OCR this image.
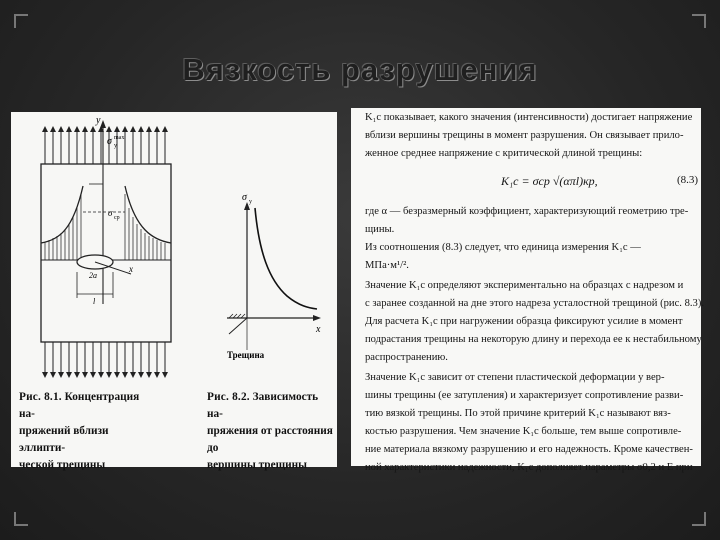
Вязкость разрушения
y
σ max
y
σ ср
2a
x
l
σ y
x
Трещина
Рис. 8.1. Концентрация на-
пряжений вблизи эллипти-
ческой трещины
Рис. 8.2. Зависимость на-
пряжения от расстояния до
вершины трещины
K₁c показывает, какого значения (интенсивности) достигает напряжение
вблизи вершины трещины в момент разрушения. Он связывает прило-
женное среднее напряжение с критической длиной трещины:
K₁c = σср √(απl)кр,	(8.3)
где α — безразмерный коэффициент, характеризующий геометрию тре-
щины.
Из соотношения (8.3) следует, что единица измерения K₁c —
МПа·м¹/².
Значение K₁c определяют экспериментально на образцах с надрезом и
с заранее созданной на дне этого надреза усталостной трещиной (рис. 8.3).
Для расчета K₁c при нагружении образца фиксируют усилие в момент
подрастания трещины на некоторую длину и перехода ее к нестабильному
распространению.
Значение K₁c зависит от степени пластической деформации у вер-
шины трещины (ее затупления) и характеризует сопротивление разви-
тию вязкой трещины. По этой причине критерий K₁c называют вяз-
костью разрушения. Чем значение K₁c больше, тем выше сопротивле-
ние материала вязкому разрушению и его надежность. Кроме качествен-
ной характеристики надежности, K₁c дополняет параметры σ0,2 и E при
